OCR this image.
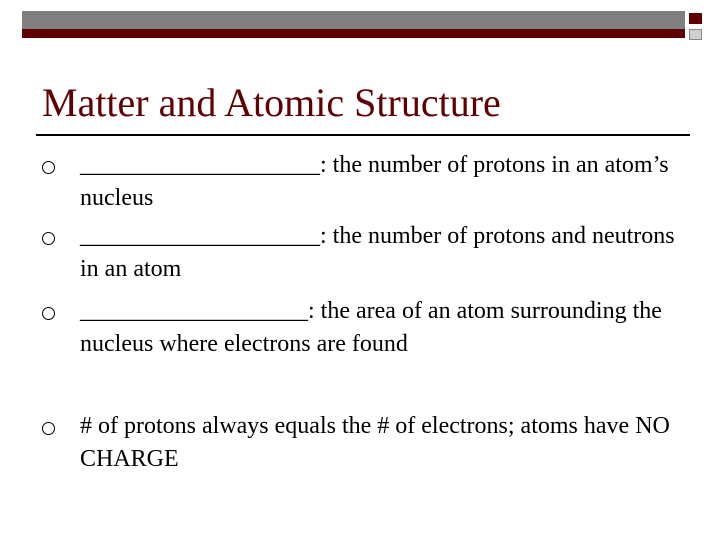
Matter and Atomic Structure

____________________: the number of protons in an atom’s nucleus

____________________: the number of protons and neutrons in an atom

___________________: the area of an atom surrounding the nucleus where electrons are found

# of protons always equals the # of electrons; atoms have NO CHARGE
